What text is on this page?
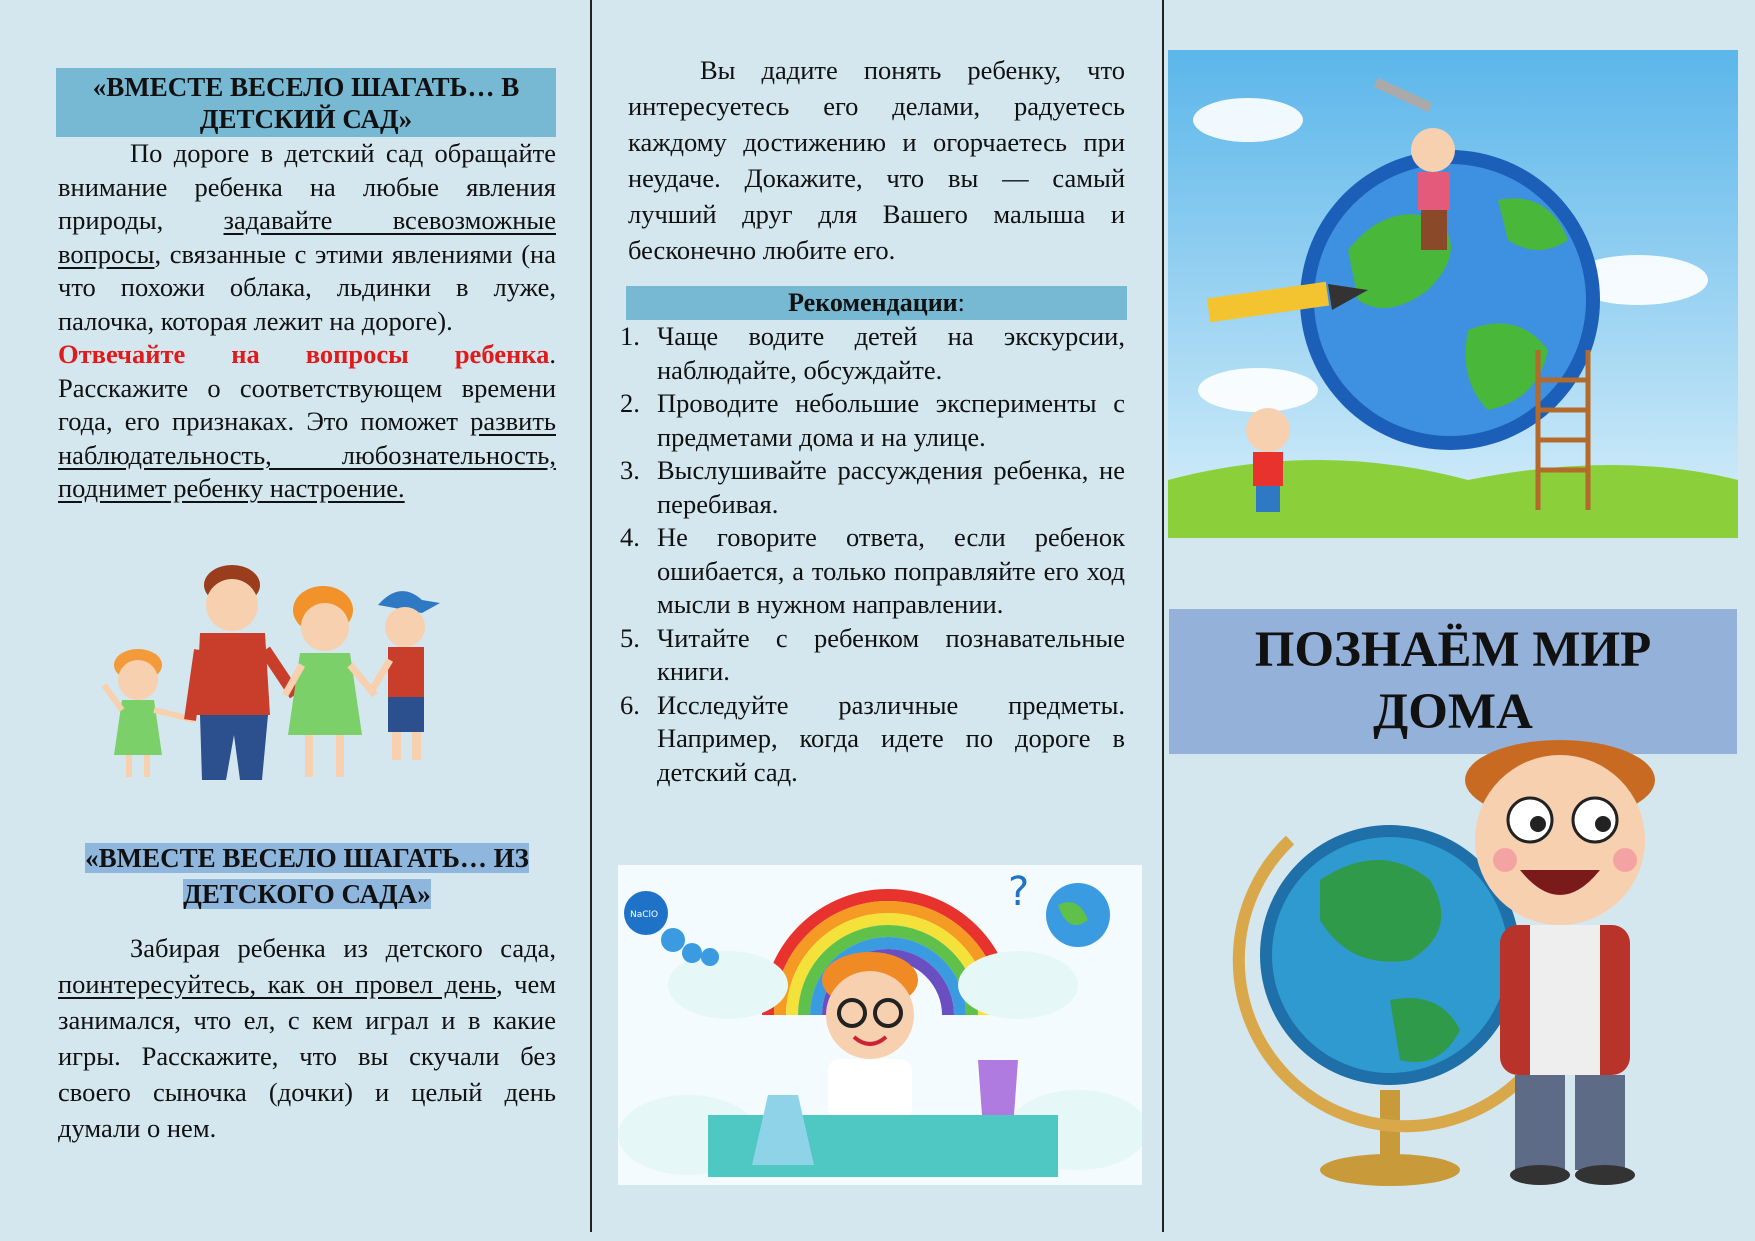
«ВМЕСТЕ ВЕСЕЛО ШАГАТЬ… В ДЕТСКИЙ САД»

По дороге в детский сад обращайте внимание ребенка на любые явления природы, задавайте всевозможные вопросы, связанные с этими явлениями (на что похожи облака, льдинки в луже, палочка, которая лежит на дороге).

Отвечайте на вопросы ребенка. Расскажите о соответствующем времени года, его признаках. Это поможет развить наблюдательность, любознательность, поднимет ребенку настроение.

«ВМЕСТЕ ВЕСЕЛО ШАГАТЬ… ИЗ
ДЕТСКОГО САДА»

Забирая ребенка из детского сада, поинтересуйтесь, как он провел день, чем занимался, что ел, с кем играл и в какие игры. Расскажите, что вы скучали без своего сыночка (дочки) и целый день думали о нем.

Вы дадите понять ребенку, что интересуетесь его делами, радуетесь каждому достижению и огорчаетесь при неудаче. Докажите, что вы — самый лучший друг для Вашего малыша и бесконечно любите его.

Рекомендации:
1. Чаще водите детей на экскурсии, наблюдайте, обсуждайте.
2. Проводите небольшие эксперименты с предметами дома и на улице.
3. Выслушивайте рассуждения ребенка, не перебивая.
4. Не говорите ответа, если ребенок ошибается, а только поправляйте его ход мысли в нужном направлении.
5. Читайте с ребенком познавательные книги.
6. Исследуйте различные предметы. Например, когда идете по дороге в детский сад.
NaClO	?
ПОЗНАЁМ МИР
ДОМА
